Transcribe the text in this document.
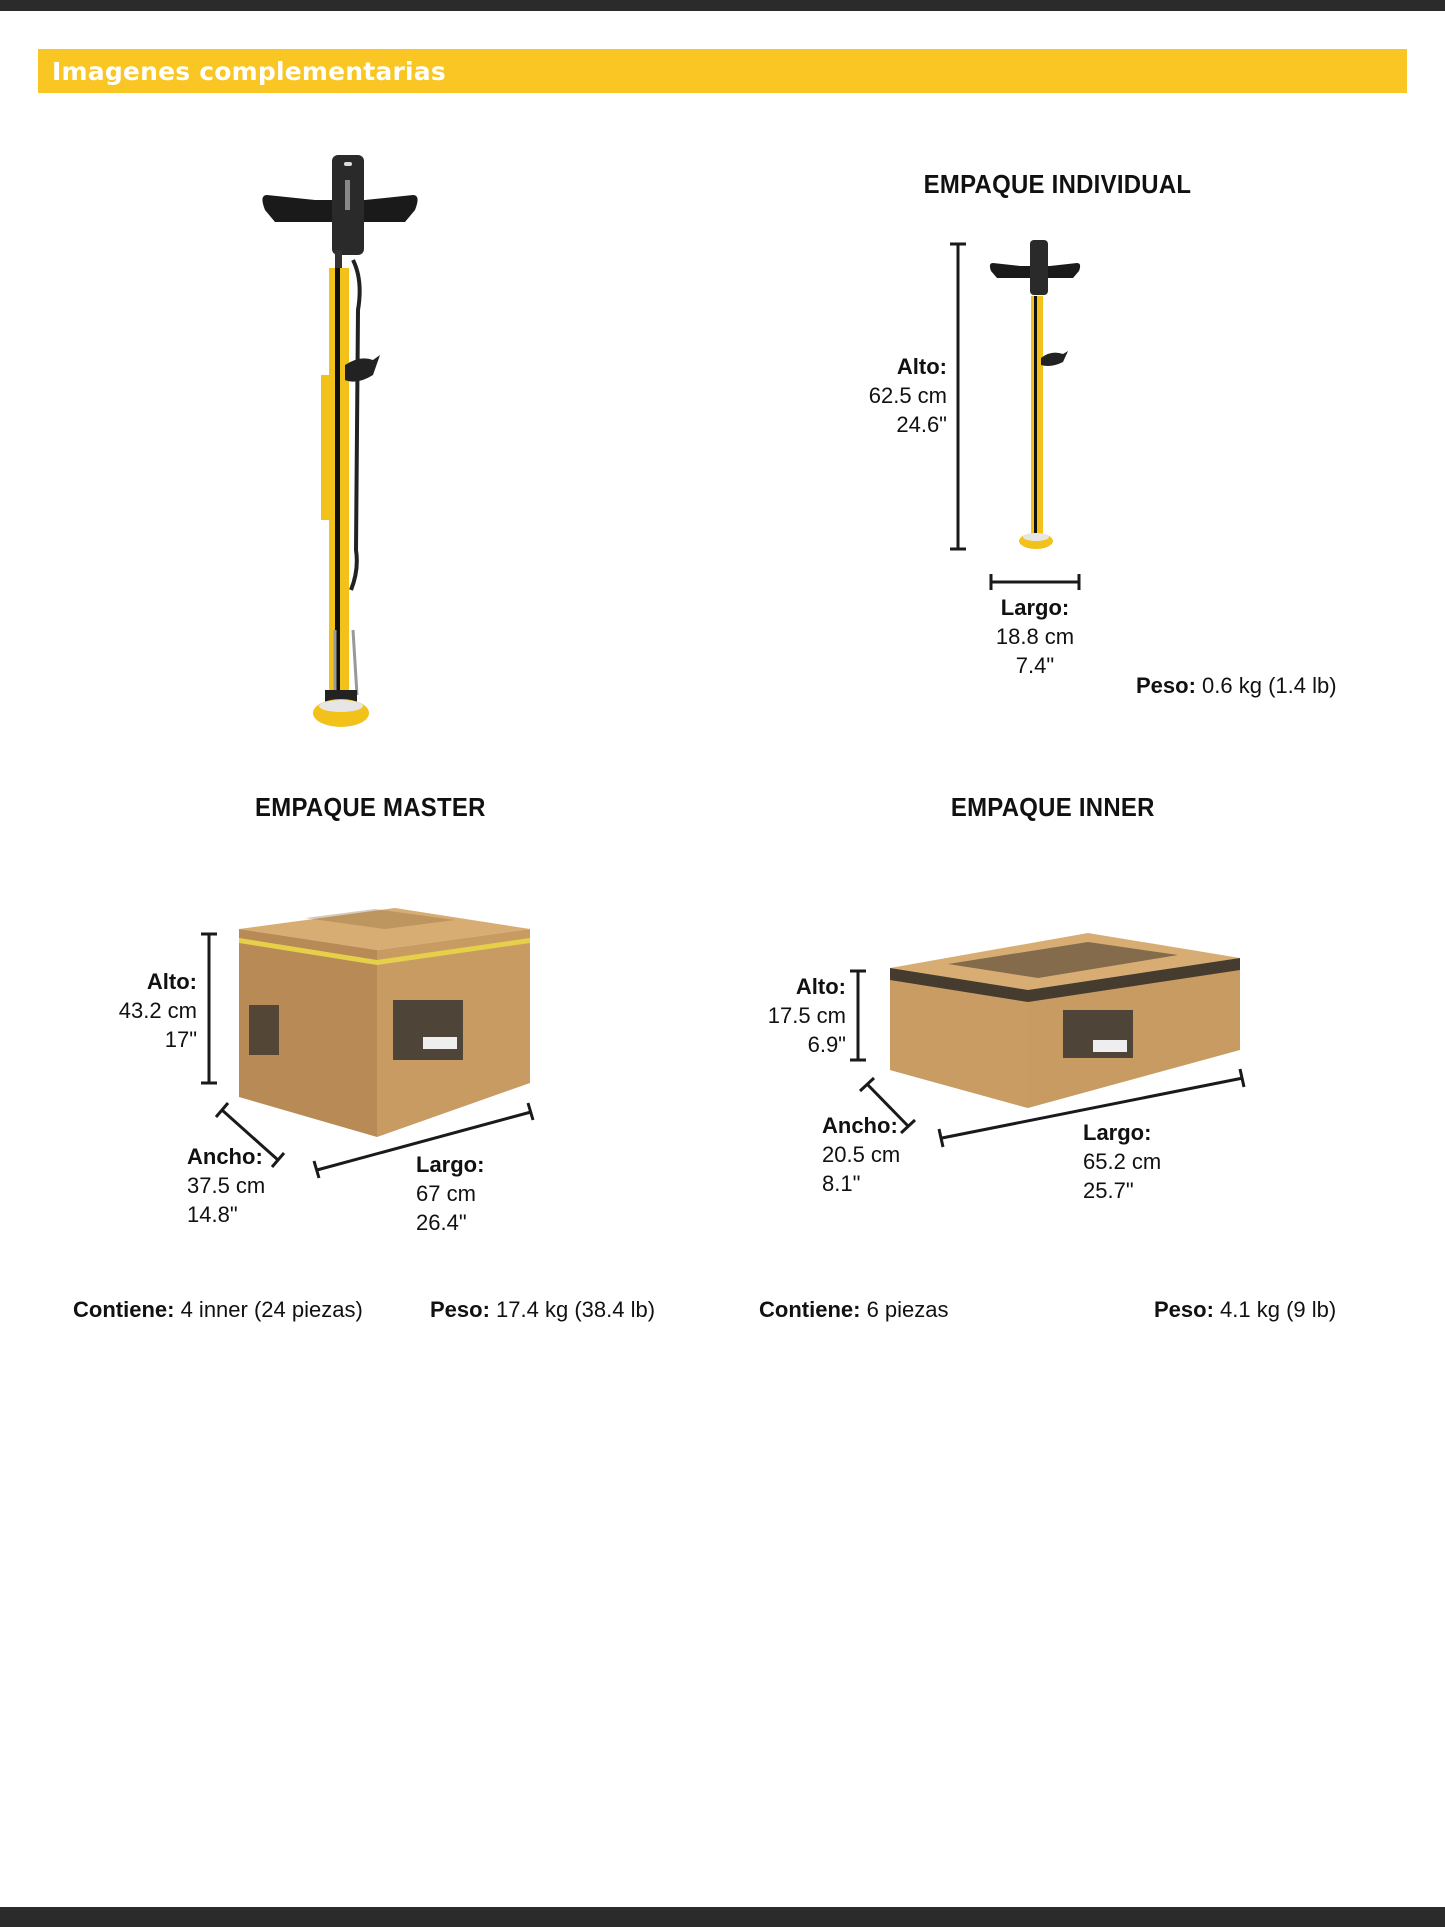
Imagenes complementarias
EMPAQUE INDIVIDUAL
Alto:
62.5 cm
24.6"
Largo:
18.8 cm
7.4"
Peso: 0.6 kg (1.4 lb)
EMPAQUE MASTER
Alto:
43.2 cm
17"
Ancho:
37.5 cm
14.8"
Largo:
67 cm
26.4"
Contiene: 4 inner (24 piezas)	Peso: 17.4 kg (38.4 lb)
EMPAQUE INNER
Alto:
17.5 cm
6.9"
Ancho:
20.5 cm
8.1"
Largo:
65.2 cm
25.7"
Contiene: 6 piezas	Peso: 4.1 kg (9 lb)
